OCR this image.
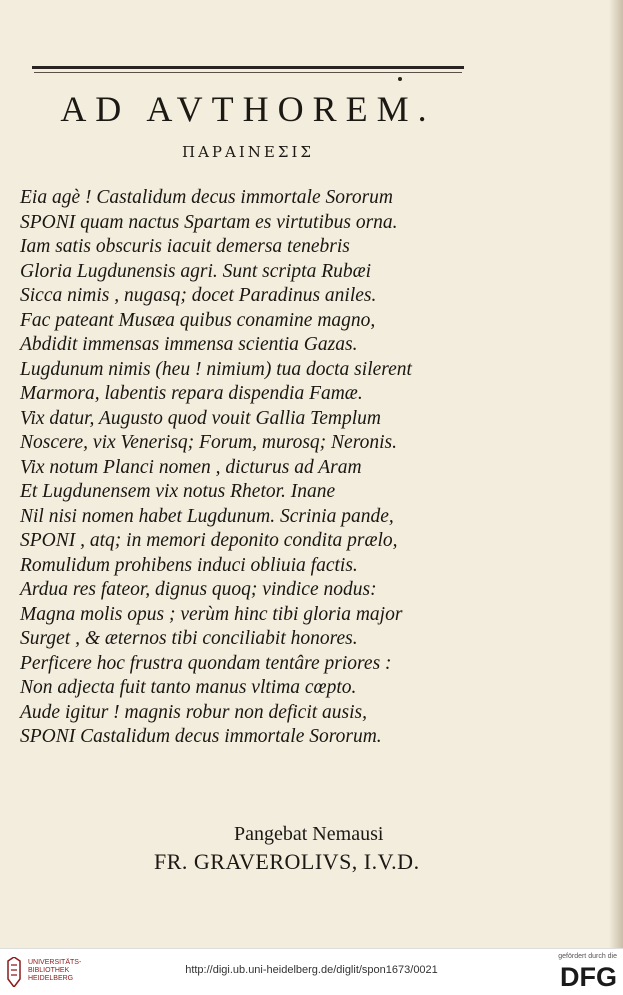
AD AVTHOREM.
ΠΑΡΑΙΝΕΣΙΣ
Eia agè ! Castalidum decus immortale Sororum
SPONI quam nactus Spartam es virtutibus orna.
Iam satis obscuris iacuit demersa tenebris
Gloria Lugdunensis agri. Sunt scripta Rubæi
Sicca nimis , nugasq; docet Paradinus aniles.
Fac pateant Musæa quibus conamine magno,
Abdidit immensas immensa scientia Gazas.
Lugdunum nimis (heu ! nimium) tua docta silerent
Marmora, labentis repara dispendia Famæ.
Vix datur, Augusto quod vouit Gallia Templum
Noscere, vix Venerisq; Forum, murosq; Neronis.
Vix notum Planci nomen , dicturus ad Aram
Et Lugdunensem vix notus Rhetor. Inane
Nil nisi nomen habet Lugdunum. Scrinia pande,
SPONI , atq; in memori deponito condita prælo,
Romulidum prohibens induci obliuia factis.
Ardua res fateor, dignus quoq; vindice nodus:
Magna molis opus ; verùm hinc tibi gloria major
Surget , & æternos tibi conciliabit honores.
Perficere hoc frustra quondam tentâre priores :
Non adjecta fuit tanto manus vltima cœpto.
Aude igitur ! magnis robur non deficit ausis,
SPONI Castalidum decus immortale Sororum.
Pangebat Nemausi
FR. GRAVEROLIVS, I.V.D.
UNIVERSITÄTS-
BIBLIOTHEK
HEIDELBERG
http://digi.ub.uni-heidelberg.de/diglit/spon1673/0021
gefördert durch die
DFG
